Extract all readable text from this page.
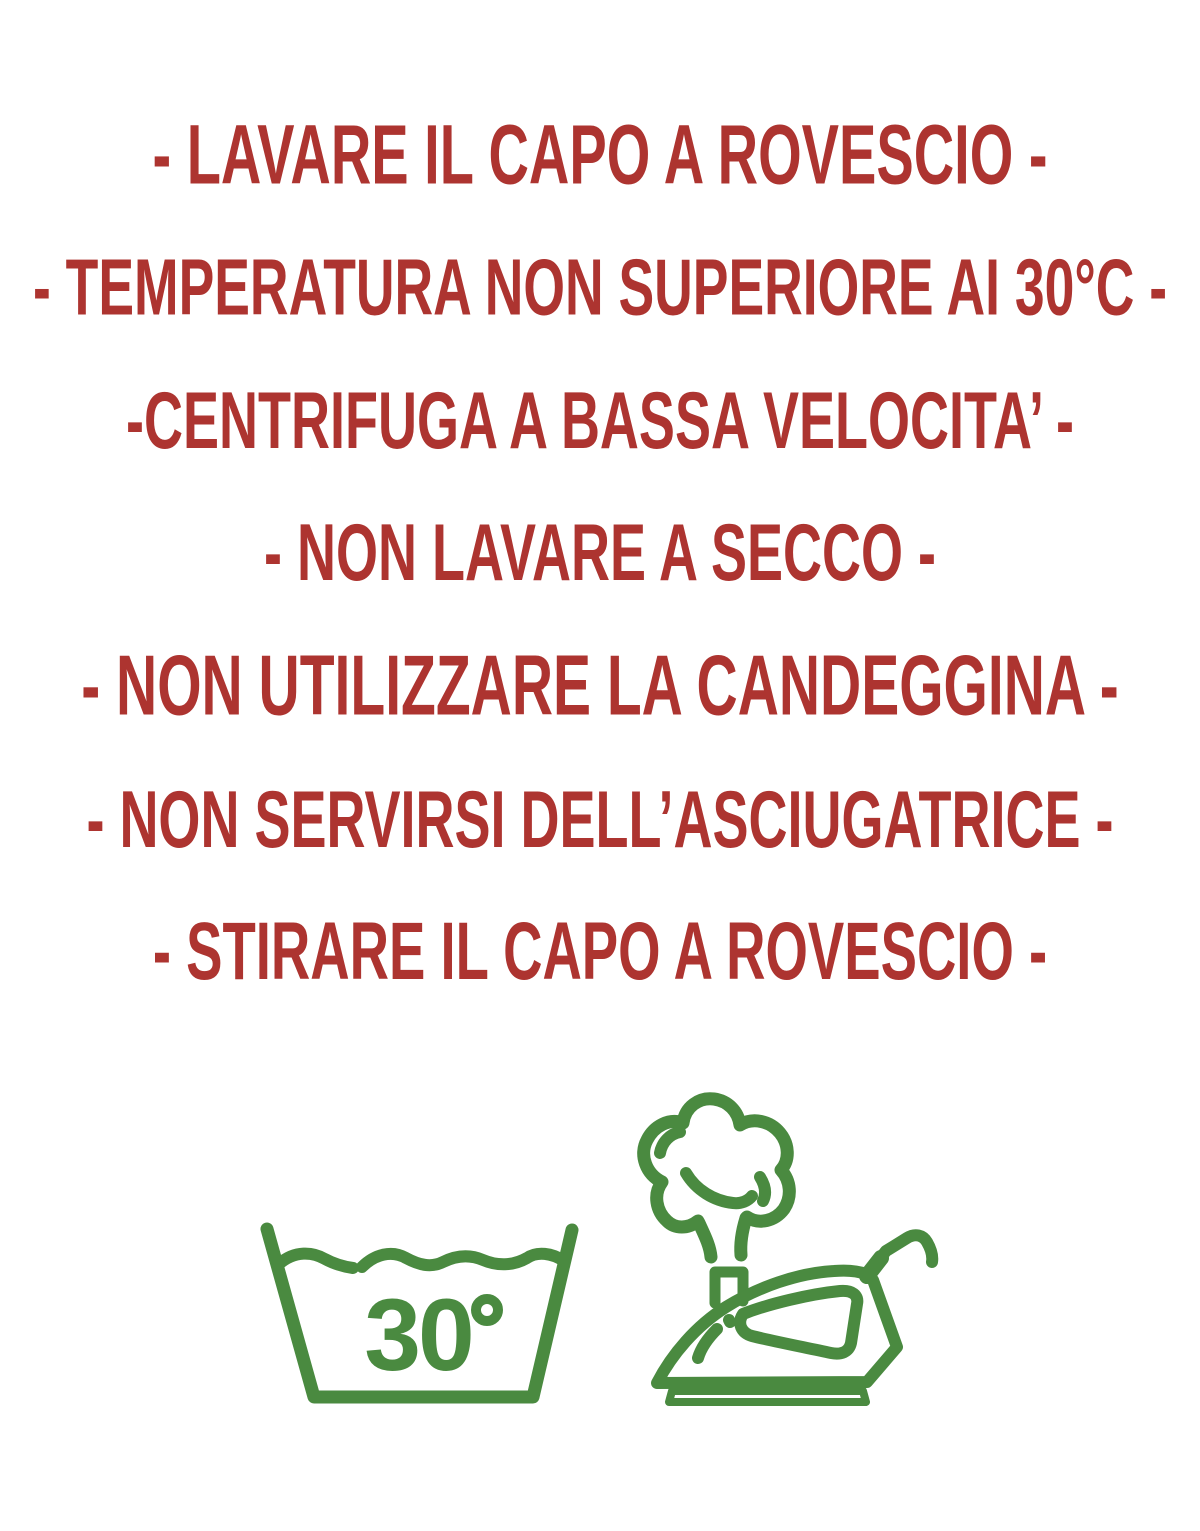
- LAVARE IL CAPO A ROVESCIO -
- TEMPERATURA NON SUPERIORE AI 30°C -
-CENTRIFUGA A BASSA VELOCITA’ -
- NON LAVARE A SECCO -
- NON UTILIZZARE LA CANDEGGINA -
- NON SERVIRSI DELL’ASCIUGATRICE -
- STIRARE IL CAPO A ROVESCIO -
30
